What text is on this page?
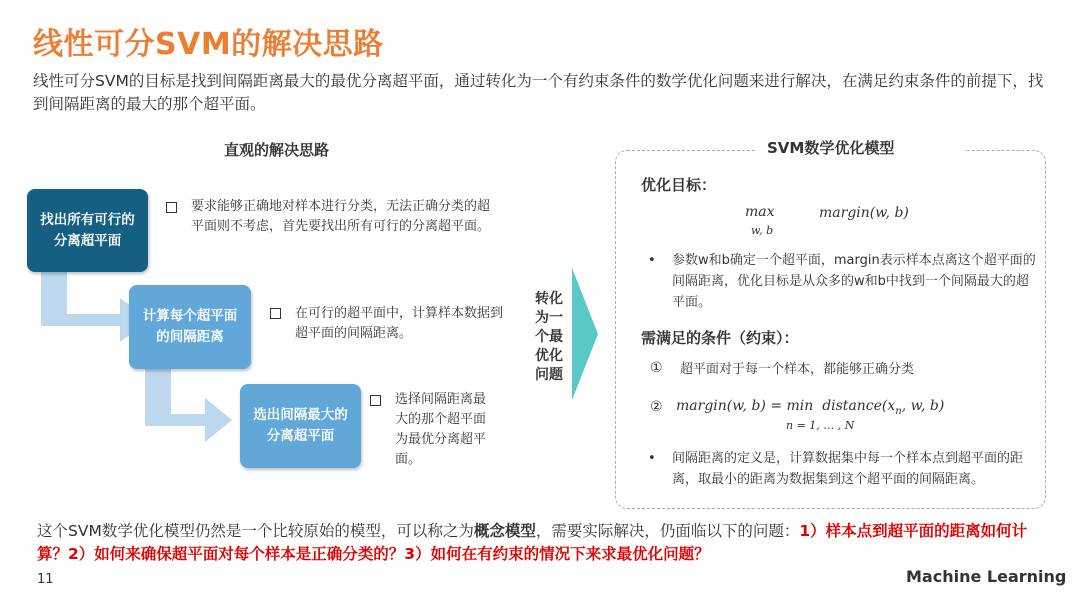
线性可分SVM的解决思路
线性可分SVM的目标是找到间隔距离最大的最优分离超平面，通过转化为一个有约束条件的数学优化问题来进行解决，在满足约束条件的前提下，找到间隔距离的最大的那个超平面。
直观的解决思路
找出所有可行的
分离超平面
计算每个超平面
的间隔距离
选出间隔最大的
分离超平面
要求能够正确地对样本进行分类，无法正确分类的超平面则不考虑，首先要找出所有可行的分离超平面。
在可行的超平面中，计算样本数据到超平面的间隔距离。
选择间隔距离最大的那个超平面为最优分离超平面。
转化为一个最优化问题
SVM数学优化模型
优化目标：
max
w, b
margin(w, b)
• 参数w和b确定一个超平面，margin表示样本点离这个超平面的间隔距离，优化目标是从众多的w和b中找到一个间隔最大的超平面。
需满足的条件（约束）：
① 超平面对于每一个样本，都能够正确分类
② margin(w, $b) = \min distance(x_n$, w, b)
n = 1, … , N
• 间隔距离的定义是，计算数据集中每一个样本点到超平面的距离，取最小的距离为数据集到这个超平面的间隔距离。
这个SVM数学优化模型仍然是一个比较原始的模型，可以称之为概念模型，需要实际解决，仍面临以下的问题：1）样本点到超平面的距离如何计算？2）如何来确保超平面对每个样本是正确分类的？3）如何在有约束的情况下来求最优化问题？
11	Machine Learning
